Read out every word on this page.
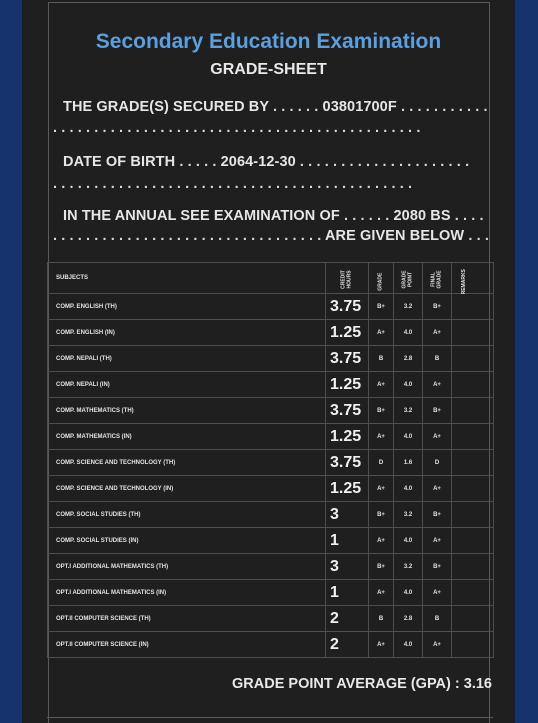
Secondary Education Examination
GRADE-SHEET
THE GRADE(S) SECURED BY . . . . . . 03801700F . . . . . . . . . . .
. . . . . . . . . . . . . . . . . . . . . . . . . . . . . . . . . . . . . . . . . . . . .
DATE OF BIRTH . . . . . 2064-12-30 . . . . . . . . . . . . . . . . . . . . .
. . . . . . . . . . . . . . . . . . . . . . . . . . . . . . . . . . . . . . . . . . . .
IN THE ANNUAL SEE EXAMINATION OF . . . . . . 2080 BS . . . .
. . . . . . . . . . . . . . . . . . . . . . . . . . . . . . . . . ARE GIVEN BELOW . . .
SUBJECTS	CREDIT HOURS	GRADE	GRADE POINT	FINAL GRADE	REMARKS
COMP. ENGLISH (TH)	3.75	B+	3.2	B+	
COMP. ENGLISH (IN)	1.25	A+	4.0	A+	
COMP. NEPALI (TH)	3.75	B	2.8	B	
COMP. NEPALI (IN)	1.25	A+	4.0	A+	
COMP. MATHEMATICS (TH)	3.75	B+	3.2	B+	
COMP. MATHEMATICS (IN)	1.25	A+	4.0	A+	
COMP. SCIENCE AND TECHNOLOGY (TH)	3.75	D	1.6	D	
COMP. SCIENCE AND TECHNOLOGY (IN)	1.25	A+	4.0	A+	
COMP. SOCIAL STUDIES (TH)	3	B+	3.2	B+	
COMP. SOCIAL STUDIES (IN)	1	A+	4.0	A+	
OPT.I ADDITIONAL MATHEMATICS (TH)	3	B+	3.2	B+	
OPT.I ADDITIONAL MATHEMATICS (IN)	1	A+	4.0	A+	
OPT.II COMPUTER SCIENCE (TH)	2	B	2.8	B	
OPT.II COMPUTER SCIENCE (IN)	2	A+	4.0	A+	
GRADE POINT AVERAGE (GPA) : 3.16
